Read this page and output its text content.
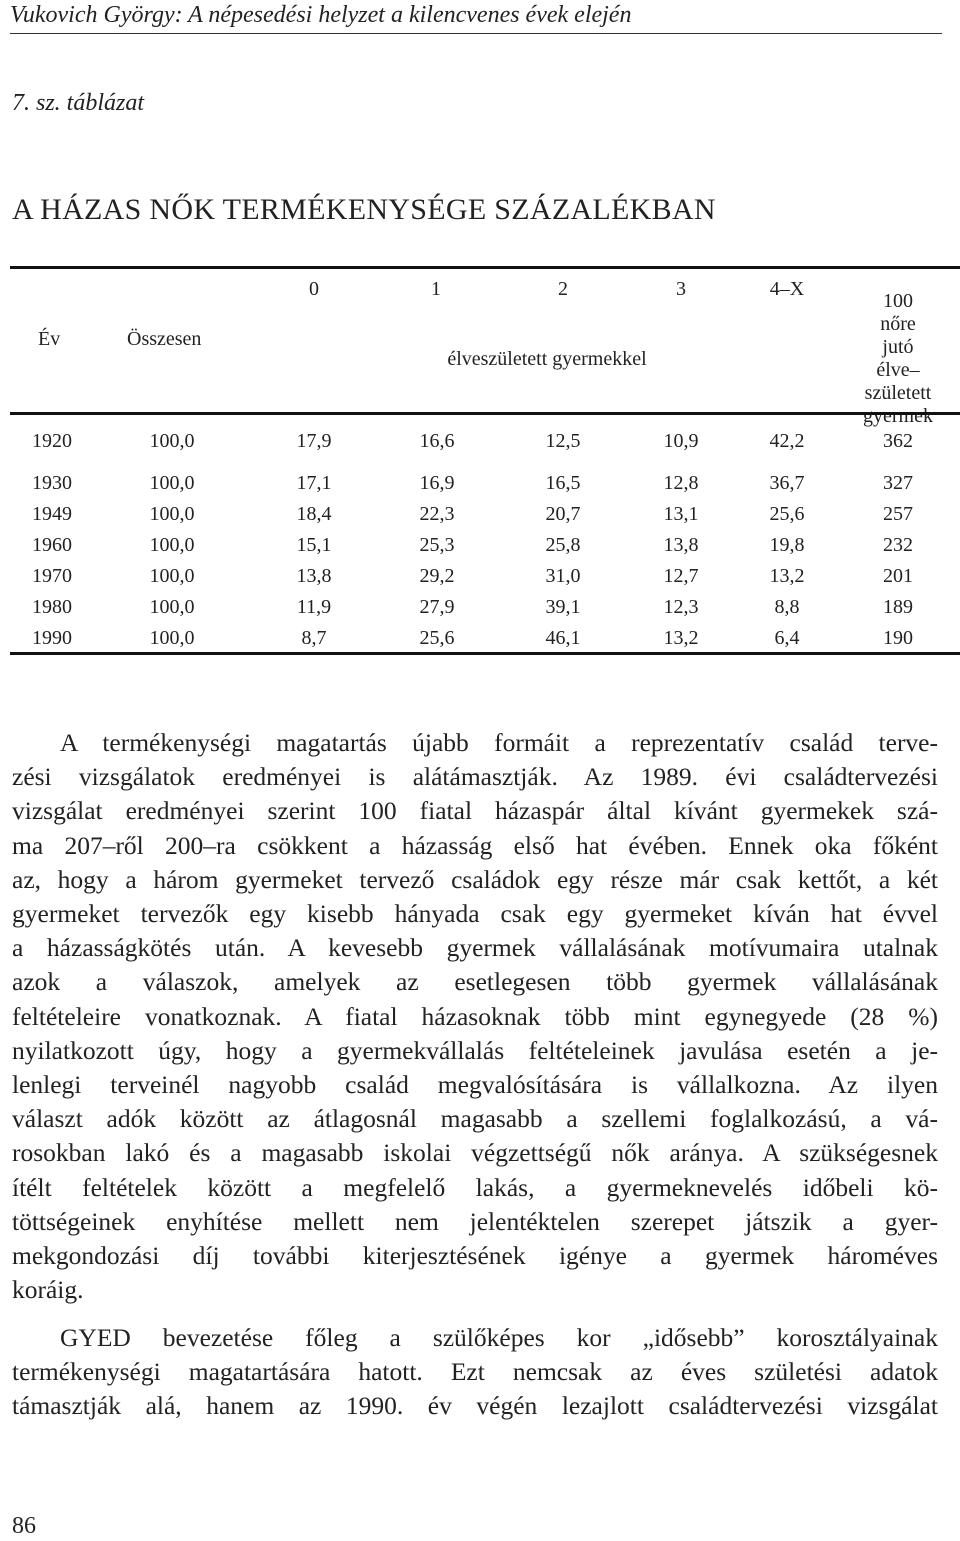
Vukovich György: A népesedési helyzet a kilencvenes évek elején
7. sz. táblázat
A HÁZAS NŐK TERMÉKENYSÉGE SZÁZALÉKBAN
Év	Összesen
0	1	2	3	4–X
élveszületett gyermekkel
100 nőre
jutó élve–
született
gyermek
1920	100,0	17,9	16,6	12,5	10,9	42,2	362
1930	100,0	17,1	16,9	16,5	12,8	36,7	327
1949	100,0	18,4	22,3	20,7	13,1	25,6	257
1960	100,0	15,1	25,3	25,8	13,8	19,8	232
1970	100,0	13,8	29,2	31,0	12,7	13,2	201
1980	100,0	11,9	27,9	39,1	12,3	8,8	189
1990	100,0	8,7	25,6	46,1	13,2	6,4	190
A termékenységi magatartás újabb formáit a reprezentatív család terve-
zési vizsgálatok eredményei is alátámasztják. Az 1989. évi családtervezési
vizsgálat eredményei szerint 100 fiatal házaspár által kívánt gyermekek szá-
ma 207–ről 200–ra csökkent a házasság első hat évében. Ennek oka főként
az, hogy a három gyermeket tervező családok egy része már csak kettőt, a két
gyermeket tervezők egy kisebb hányada csak egy gyermeket kíván hat évvel
a házasságkötés után. A kevesebb gyermek vállalásának motívumaira utalnak
azok a válaszok, amelyek az esetlegesen több gyermek vállalásának
feltételeire vonatkoznak. A fiatal házasoknak több mint egynegyede (28 %)
nyilatkozott úgy, hogy a gyermekvállalás feltételeinek javulása esetén a je-
lenlegi terveinél nagyobb család megvalósítására is vállalkozna. Az ilyen
választ adók között az átlagosnál magasabb a szellemi foglalkozású, a vá-
rosokban lakó és a magasabb iskolai végzettségű nők aránya. A szükségesnek
ítélt feltételek között a megfelelő lakás, a gyermeknevelés időbeli kö-
töttségeinek enyhítése mellett nem jelentéktelen szerepet játszik a gyer-
mekgondozási díj további kiterjesztésének igénye a gyermek hároméves
koráig.
GYED bevezetése főleg a szülőképes kor „idősebb” korosztályainak
termékenységi magatartására hatott. Ezt nemcsak az éves születési adatok
támasztják alá, hanem az 1990. év végén lezajlott családtervezési vizsgálat
86
